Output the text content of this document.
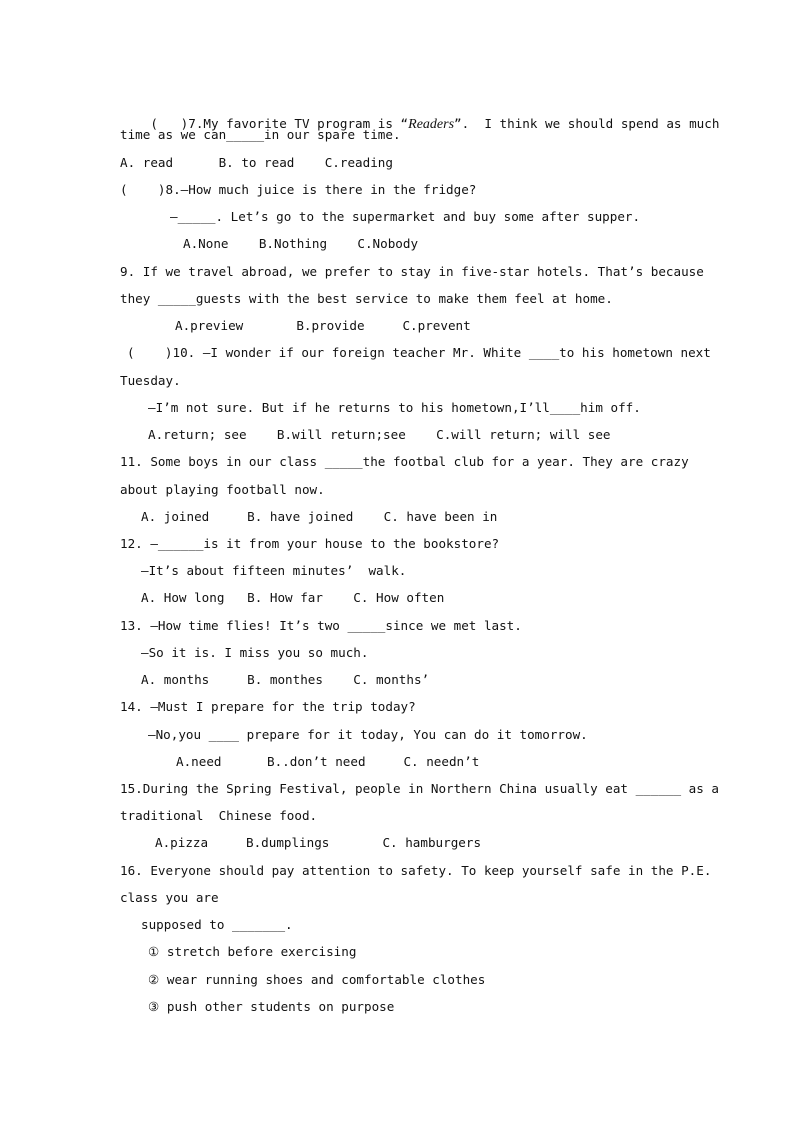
(   )7.My favorite TV program is “Readers”.  I think we should spend as much

time as we can_____in our spare time.
A. read      B. to read    C.reading
(    )8.—How much juice is there in the fridge?
—_____. Let’s go to the supermarket and buy some after supper.
A.None    B.Nothing    C.Nobody
9. If we travel abroad, we prefer to stay in five-star hotels. That’s because
they _____guests with the best service to make them feel at home.
A.preview       B.provide     C.prevent
(    )10. —I wonder if our foreign teacher Mr. White ____to his hometown next
Tuesday.
—I’m not sure. But if he returns to his hometown,I’ll____him off.
A.return; see    B.will return;see    C.will return; will see
11. Some boys in our class _____the footbal club for a year. They are crazy
about playing football now.
A. joined     B. have joined    C. have been in
12. —______is it from your house to the bookstore?
—It’s about fifteen minutes’  walk.
A. How long   B. How far    C. How often
13. —How time flies! It’s two _____since we met last.
—So it is. I miss you so much.
A. months     B. monthes    C. months’
14. —Must I prepare for the trip today?
—No,you ____ prepare for it today, You can do it tomorrow.
A.need      B..don’t need     C. needn’t
15.During the Spring Festival, people in Northern China usually eat ______ as a
traditional  Chinese food.
A.pizza     B.dumplings       C. hamburgers
16. Everyone should pay attention to safety. To keep yourself safe in the P.E.
class you are
supposed to _______.
① stretch before exercising
② wear running shoes and comfortable clothes
③ push other students on purpose
